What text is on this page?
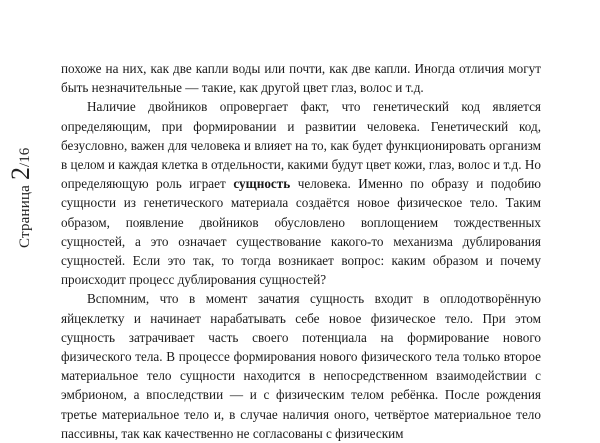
Страница
2
/16

похоже на них, как две капли воды или почти, как две капли. Иногда отличия могут быть незначительные — такие, как другой цвет глаз, волос и т.д.

Наличие двойников опровергает факт, что генетический код является определяющим, при формировании и развитии человека. Генетический код, безусловно, важен для человека и влияет на то, как будет функционировать организм в целом и каждая клетка в отдельности, какими будут цвет кожи, глаз, волос и т.д. Но определяющую роль играет сущность человека. Именно по образу и подобию сущности из генетического материала создаётся новое физическое тело. Таким образом, появление двойников обусловлено воплощением тождественных сущностей, а это означает существование какого-то механизма дублирования сущностей. Если это так, то тогда возникает вопрос: каким образом и почему происходит процесс дублирования сущностей?

Вспомним, что в момент зачатия сущность входит в оплодотворённую яйцеклетку и начинает нарабатывать себе новое физическое тело. При этом сущность затрачивает часть своего потенциала на формирование нового физического тела. В процессе формирования нового физического тела только второе материальное тело сущности находится в непосредственном взаимодействии с эмбрионом, а впоследствии — и с физическим телом ребёнка. После рождения третье материальное тело и, в случае наличия оного, четвёртое материальное тело пассивны, так как качественно не согласованы с физическим
